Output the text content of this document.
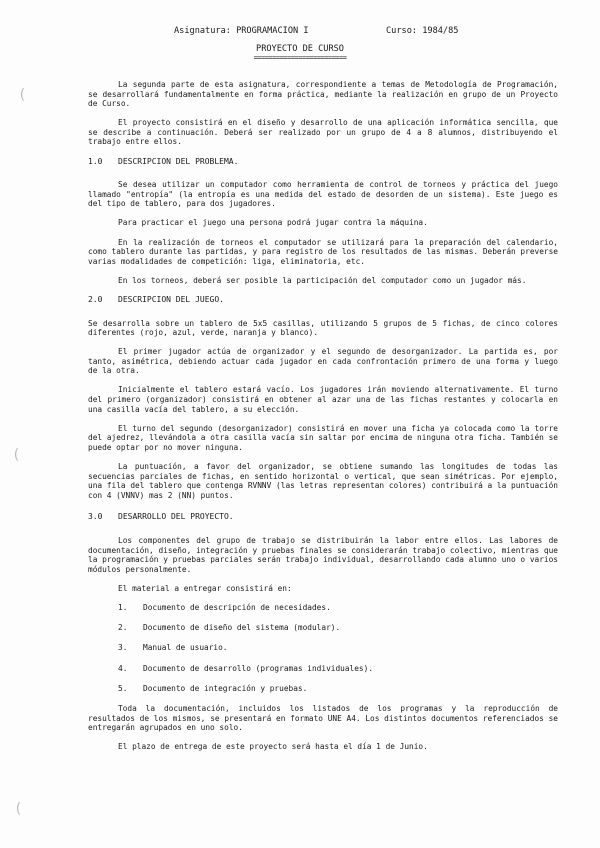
(
(
(
Asignatura: PROGRAMACION I	Curso: 1984/85
PROYECTO DE CURSO
=========================

La segunda parte de esta asignatura, correspondiente a temas de Metodología de Programación, se desarrollará fundamentalmente en forma práctica, mediante la realización en grupo de un Proyecto de Curso.

El proyecto consistirá en el diseño y desarrollo de una aplicación informática sencilla, que se describe a continuación. Deberá ser realizado por un grupo de 4 a 8 alumnos, distribuyendo el trabajo entre ellos.

1.0 DESCRIPCION DEL PROBLEMA.

Se desea utilizar un computador como herramienta de control de torneos y práctica del juego llamado "entropía" (la entropía es una medida del estado de desorden de un sistema). Este juego es del tipo de tablero, para dos jugadores.

Para practicar el juego una persona podrá jugar contra la máquina.

En la realización de torneos el computador se utilizará para la preparación del calendario, como tablero durante las partidas, y para registro de los resultados de las mismas. Deberán preverse varias modalidades de competición: liga, eliminatoria, etc.

En los torneos, deberá ser posible la participación del computador como un jugador más.

2.0 DESCRIPCION DEL JUEGO.

Se desarrolla sobre un tablero de 5x5 casillas, utilizando 5 grupos de 5 fichas, de cinco colores diferentes (rojo, azul, verde, naranja y blanco).

El primer jugador actúa de organizador y el segundo de desorganizador. La partida es, por tanto, asimétrica, debiendo actuar cada jugador en cada confrontación primero de una forma y luego de la otra.

Inicialmente el tablero estará vacío. Los jugadores irán moviendo alternativamente. El turno del primero (organizador) consistirá en obtener al azar una de las fichas restantes y colocarla en una casilla vacía del tablero, a su elección.

El turno del segundo (desorganizador) consistirá en mover una ficha ya colocada como la torre del ajedrez, llevándola a otra casilla vacía sin saltar por encima de ninguna otra ficha. También se puede optar por no mover ninguna.

La puntuación, a favor del organizador, se obtiene sumando las longitudes de todas las secuencias parciales de fichas, en sentido horizontal o vertical, que sean simétricas. Por ejemplo, una fila del tablero que contenga RVNNV (las letras representan colores) contribuirá a la puntuación con 4 (VNNV) mas 2 (NN) puntos.

3.0 DESARROLLO DEL PROYECTO.

Los componentes del grupo de trabajo se distribuirán la labor entre ellos. Las labores de documentación, diseño, integración y pruebas finales se considerarán trabajo colectivo, mientras que la programación y pruebas parciales serán trabajo individual, desarrollando cada alumno uno o varios módulos personalmente.

El material a entregar consistirá en:

1.	Documento de descripción de necesidades.
2.	Documento de diseño del sistema (modular).
3.	Manual de usuario.
4.	Documento de desarrollo (programas individuales).
5.	Documento de integración y pruebas.

Toda la documentación, incluidos los listados de los programas y la reproducción de resultados de los mismos, se presentará en formato UNE A4. Los distintos documentos referenciados se entregarán agrupados en uno solo.

El plazo de entrega de este proyecto será hasta el día 1 de Junio.
